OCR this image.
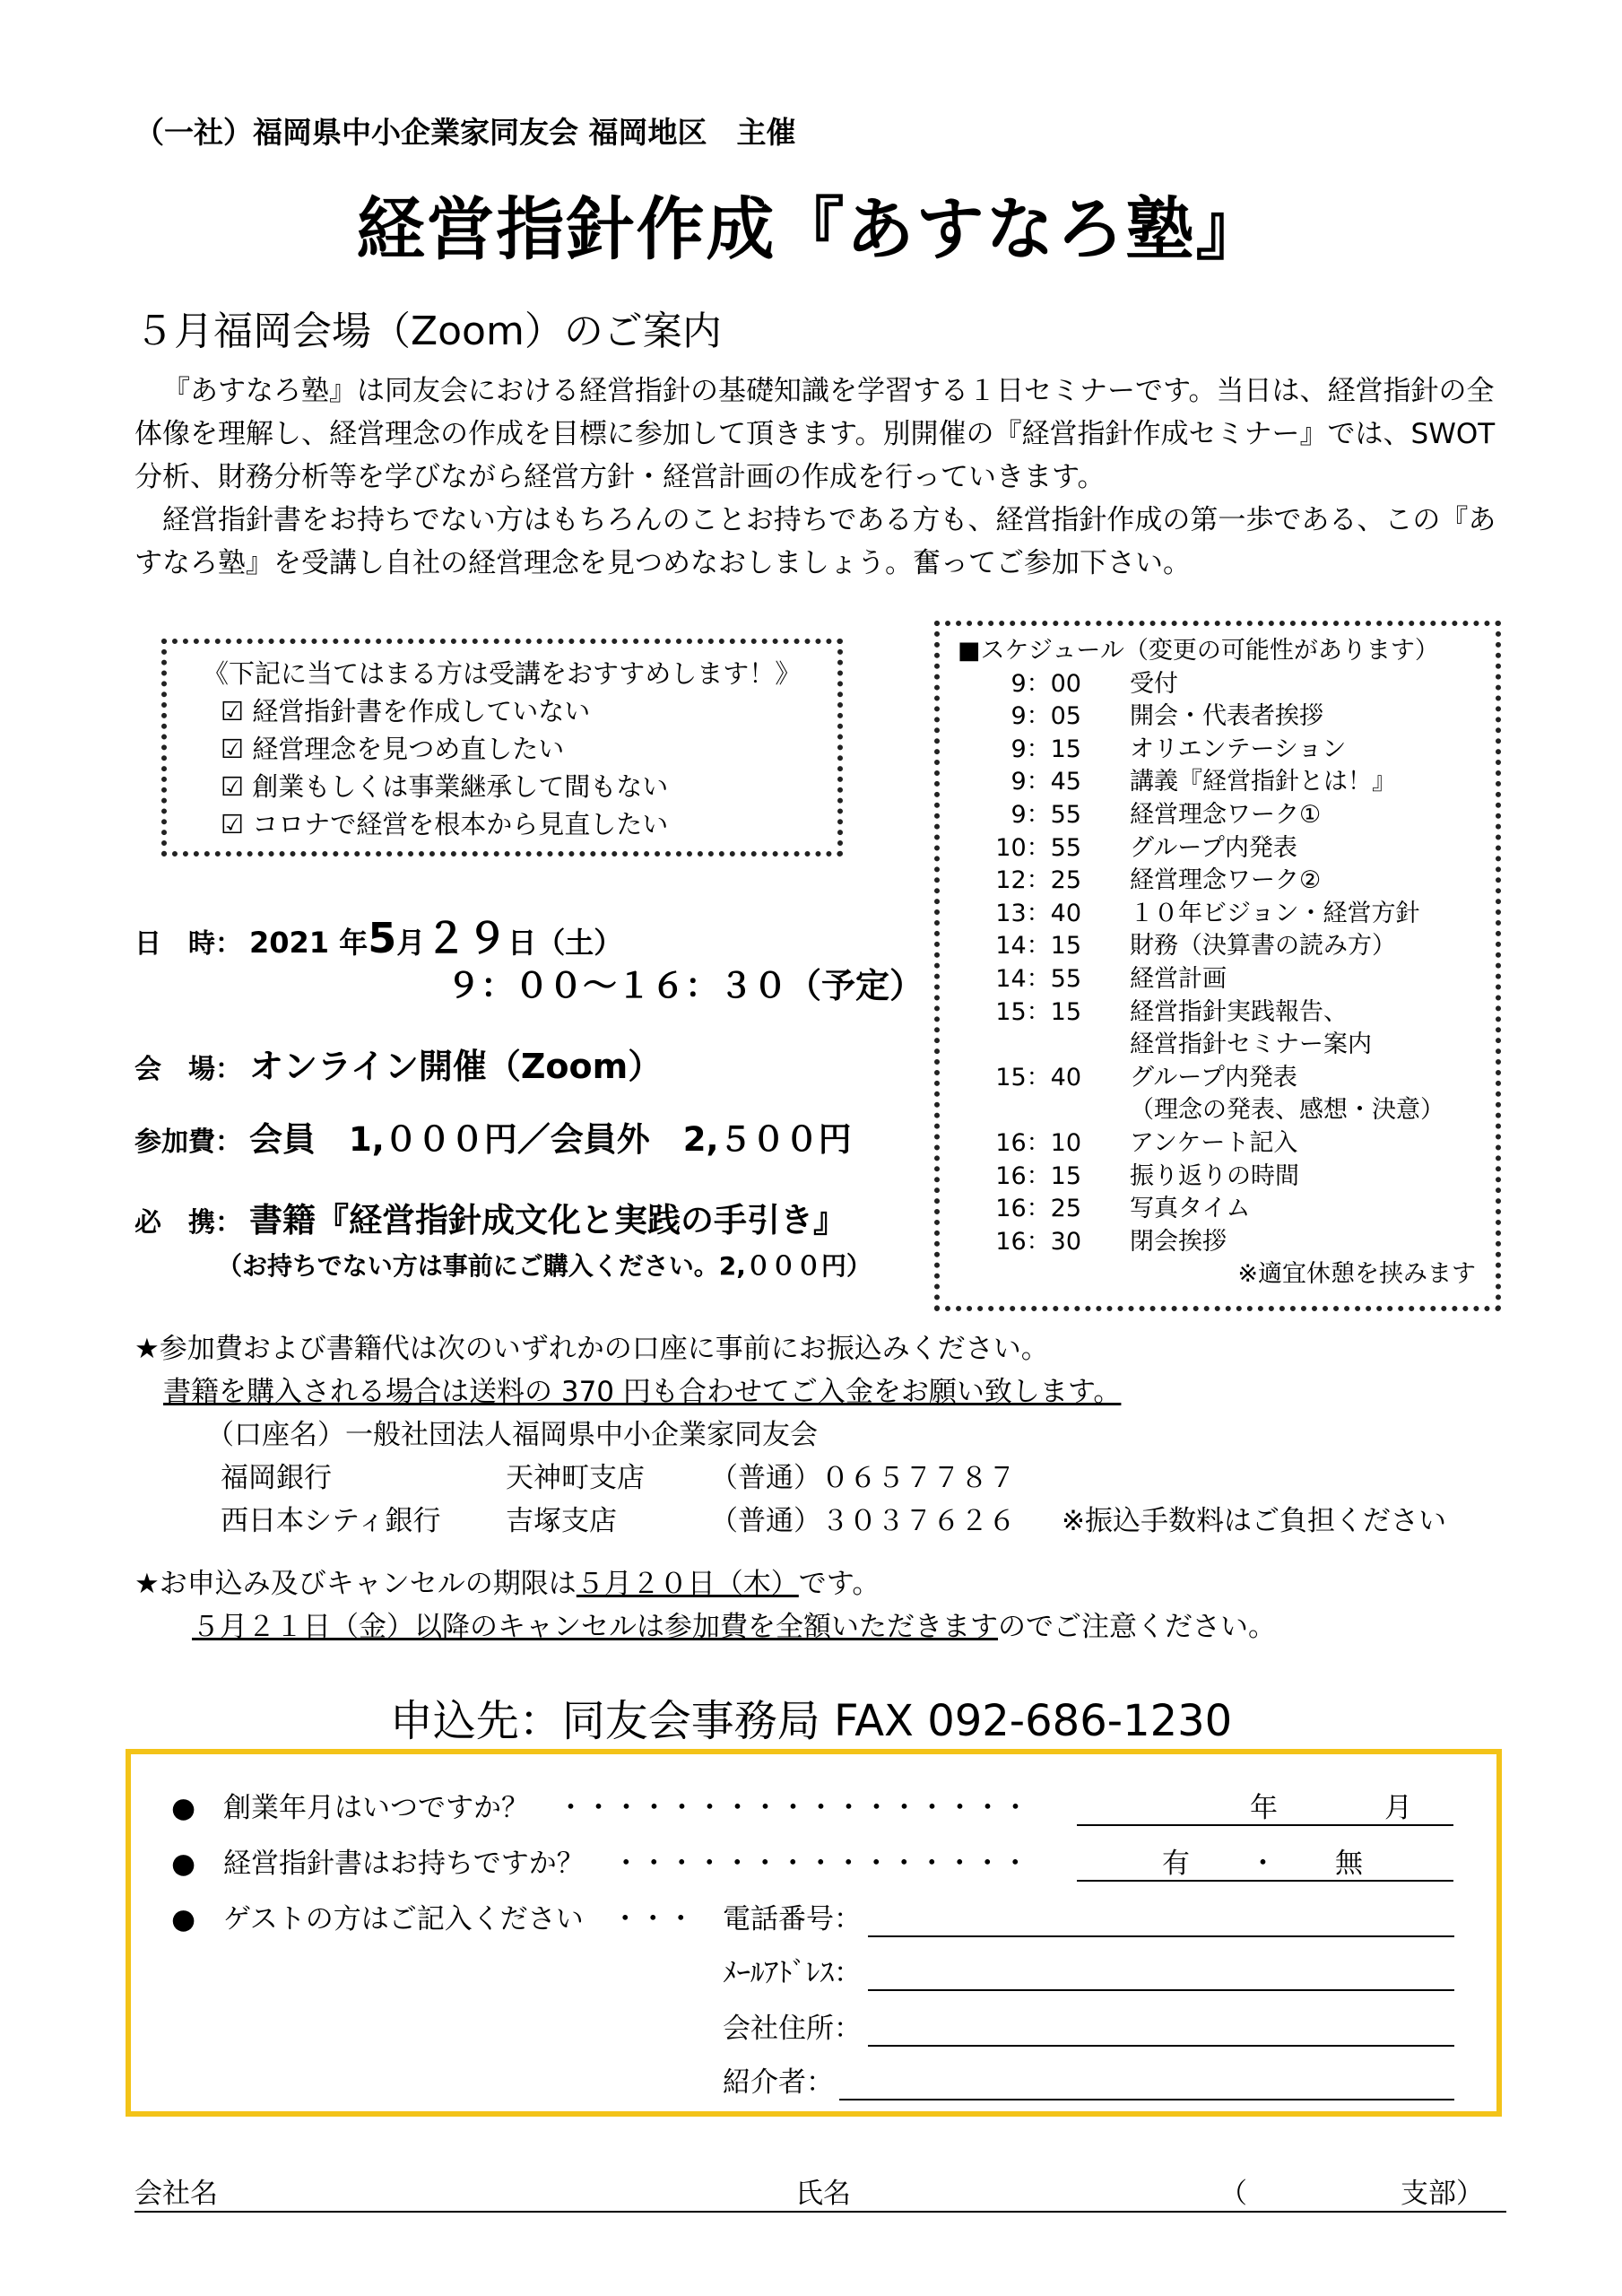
（一社）福岡県中小企業家同友会 福岡地区　主催
経営指針作成『あすなろ塾』
５月福岡会場（Zoom）のご案内

『あすなろ塾』は同友会における経営指針の基礎知識を学習する１日セミナーです。当日は、経営指針の全体像を理解し、経営理念の作成を目標に参加して頂きます。別開催の『経営指針作成セミナー』では、SWOT 分析、財務分析等を学びながら経営方針・経営計画の作成を行っていきます。

経営指針書をお持ちでない方はもちろんのことお持ちである方も、経営指針作成の第一歩である、この『あすなろ塾』を受講し自社の経営理念を見つめなおしましょう。奮ってご参加下さい。

《下記に当てはまる方は受講をおすすめします！》
☑ 経営指針書を作成していない
☑ 経営理念を見つめ直したい
☑ 創業もしくは事業継承して間もない
☑ コロナで経営を根本から見直したい
■スケジュール（変更の可能性があります）
9：00	受付
9：05	開会・代表者挨拶
9：15	オリエンテーション
9：45	講義『経営指針とは！』
9：55	経営理念ワーク①
10：55	グループ内発表
12：25	経営理念ワーク②
13：40	１０年ビジョン・経営方針
14：15	財務（決算書の読み方）
14：55	経営計画
15：15	経営指針実践報告、
	経営指針セミナー案内
15：40	グループ内発表
	（理念の発表、感想・決意）
16：10	アンケート記入
16：15	振り返りの時間
16：25	写真タイム
16：30	閉会挨拶
※適宜休憩を挟みます
日　時： 2021 年5月２９日（土）
９：００～１６：３０（予定）
会　場： オンライン開催（Zoom）
参加費： 会員　1,０００円／会員外　2,５００円
必　携： 書籍『経営指針成文化と実践の手引き』
（お持ちでない方は事前にご購入ください。2,０００円）
★参加費および書籍代は次のいずれかの口座に事前にお振込みください。
書籍を購入される場合は送料の 370 円も合わせてご入金をお願い致します。
（口座名）一般社団法人福岡県中小企業家同友会
福岡銀行	天神町支店	（普通）０６５７７８７	
西日本シティ銀行	吉塚支店	（普通）３０３７６２６	※振込手数料はご負担ください
★お申込み及びキャンセルの期限は５月２０日（木）です。
５月２１日（金）以降のキャンセルは参加費を全額いただきますのでご注意ください。
申込先：同友会事務局 FAX 092-686-1230
●　創業年月はいつですか？　・・・・・・・・・・・・・・・・・	年	月
●　経営指針書はお持ちですか？　・・・・・・・・・・・・・・・	有 ・ 無
●　ゲストの方はご記入ください　・・・ 電話番号：
ﾒｰﾙｱﾄﾞﾚｽ：
会社住所：
紹介者：
会社名	氏名	（	支部）
